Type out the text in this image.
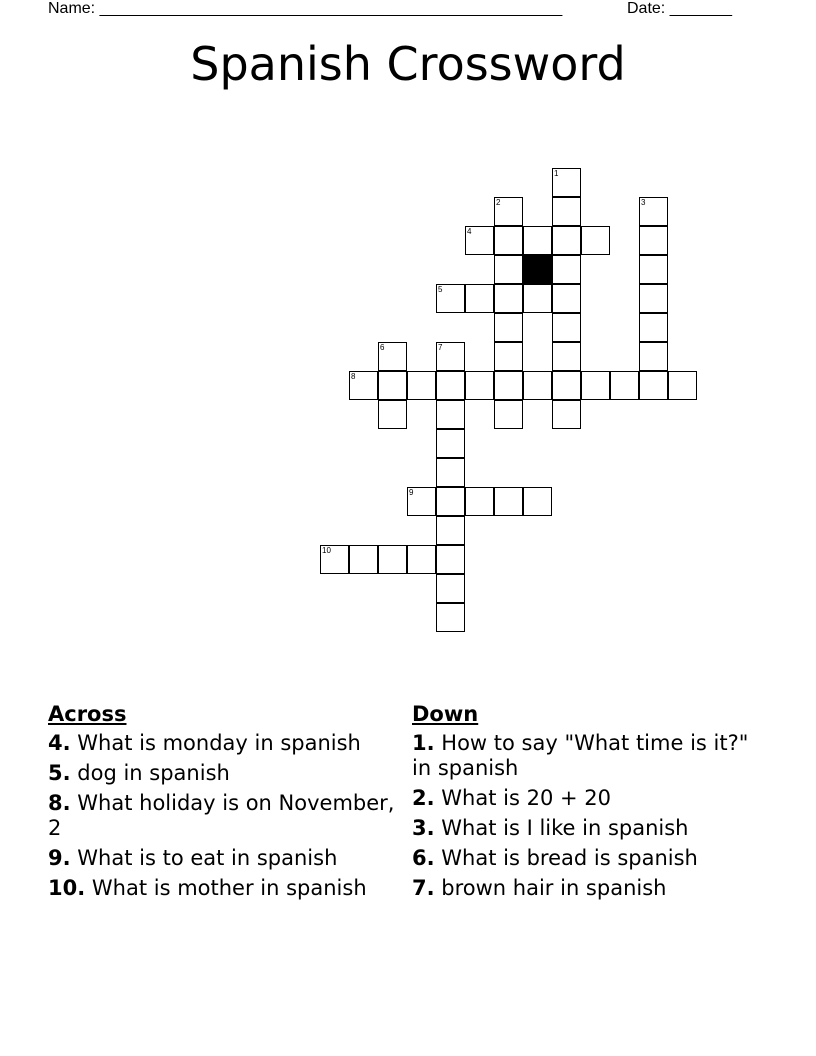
Name: ____________________________________________________	Date: _______
Spanish Crossword
1
2	3
4
5
6	7
8
9
10
Across
4. What is monday in spanish
5. dog in spanish
8. What holiday is on November, 2
9. What is to eat in spanish
10. What is mother in spanish
Down
1. How to say "What time is it?" in spanish
2. What is 20 + 20
3. What is I like in spanish
6. What is bread is spanish
7. brown hair in spanish
